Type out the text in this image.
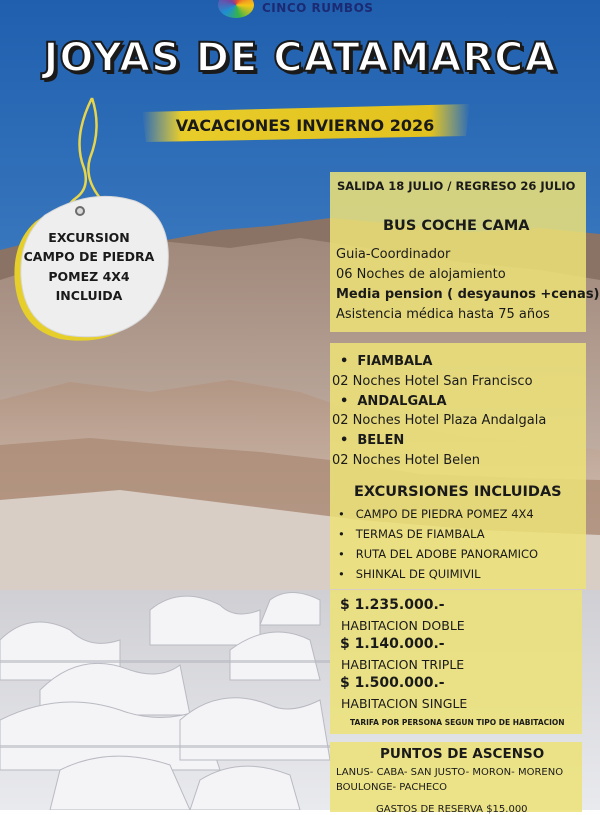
CINCO RUMBOS
JOYAS DE CATAMARCA
VACACIONES INVIERNO 2026
EXCURSION
CAMPO DE PIEDRA
POMEZ 4X4
INCLUIDA
SALIDA 18 JULIO / REGRESO 26 JULIO
BUS COCHE CAMA
Guia-Coordinador
06 Noches de alojamiento
Media pension ( desyaunos +cenas)
Asistencia médica hasta 75 años
•  FIAMBALA
02 Noches Hotel San Francisco
•  ANDALGALA
02 Noches Hotel Plaza Andalgala
•  BELEN
02 Noches Hotel Belen
EXCURSIONES INCLUIDAS
•   CAMPO DE PIEDRA POMEZ 4X4
•   TERMAS DE FIAMBALA
•   RUTA DEL ADOBE PANORAMICO
•   SHINKAL DE QUIMIVIL
$ 1.235.000.-
HABITACION DOBLE
$ 1.140.000.-
HABITACION TRIPLE
$ 1.500.000.-
HABITACION SINGLE
TARIFA POR PERSONA SEGUN TIPO DE HABITACION
PUNTOS DE ASCENSO
LANUS- CABA- SAN JUSTO- MORON- MORENO
BOULONGE- PACHECO
GASTOS DE RESERVA $15.000
